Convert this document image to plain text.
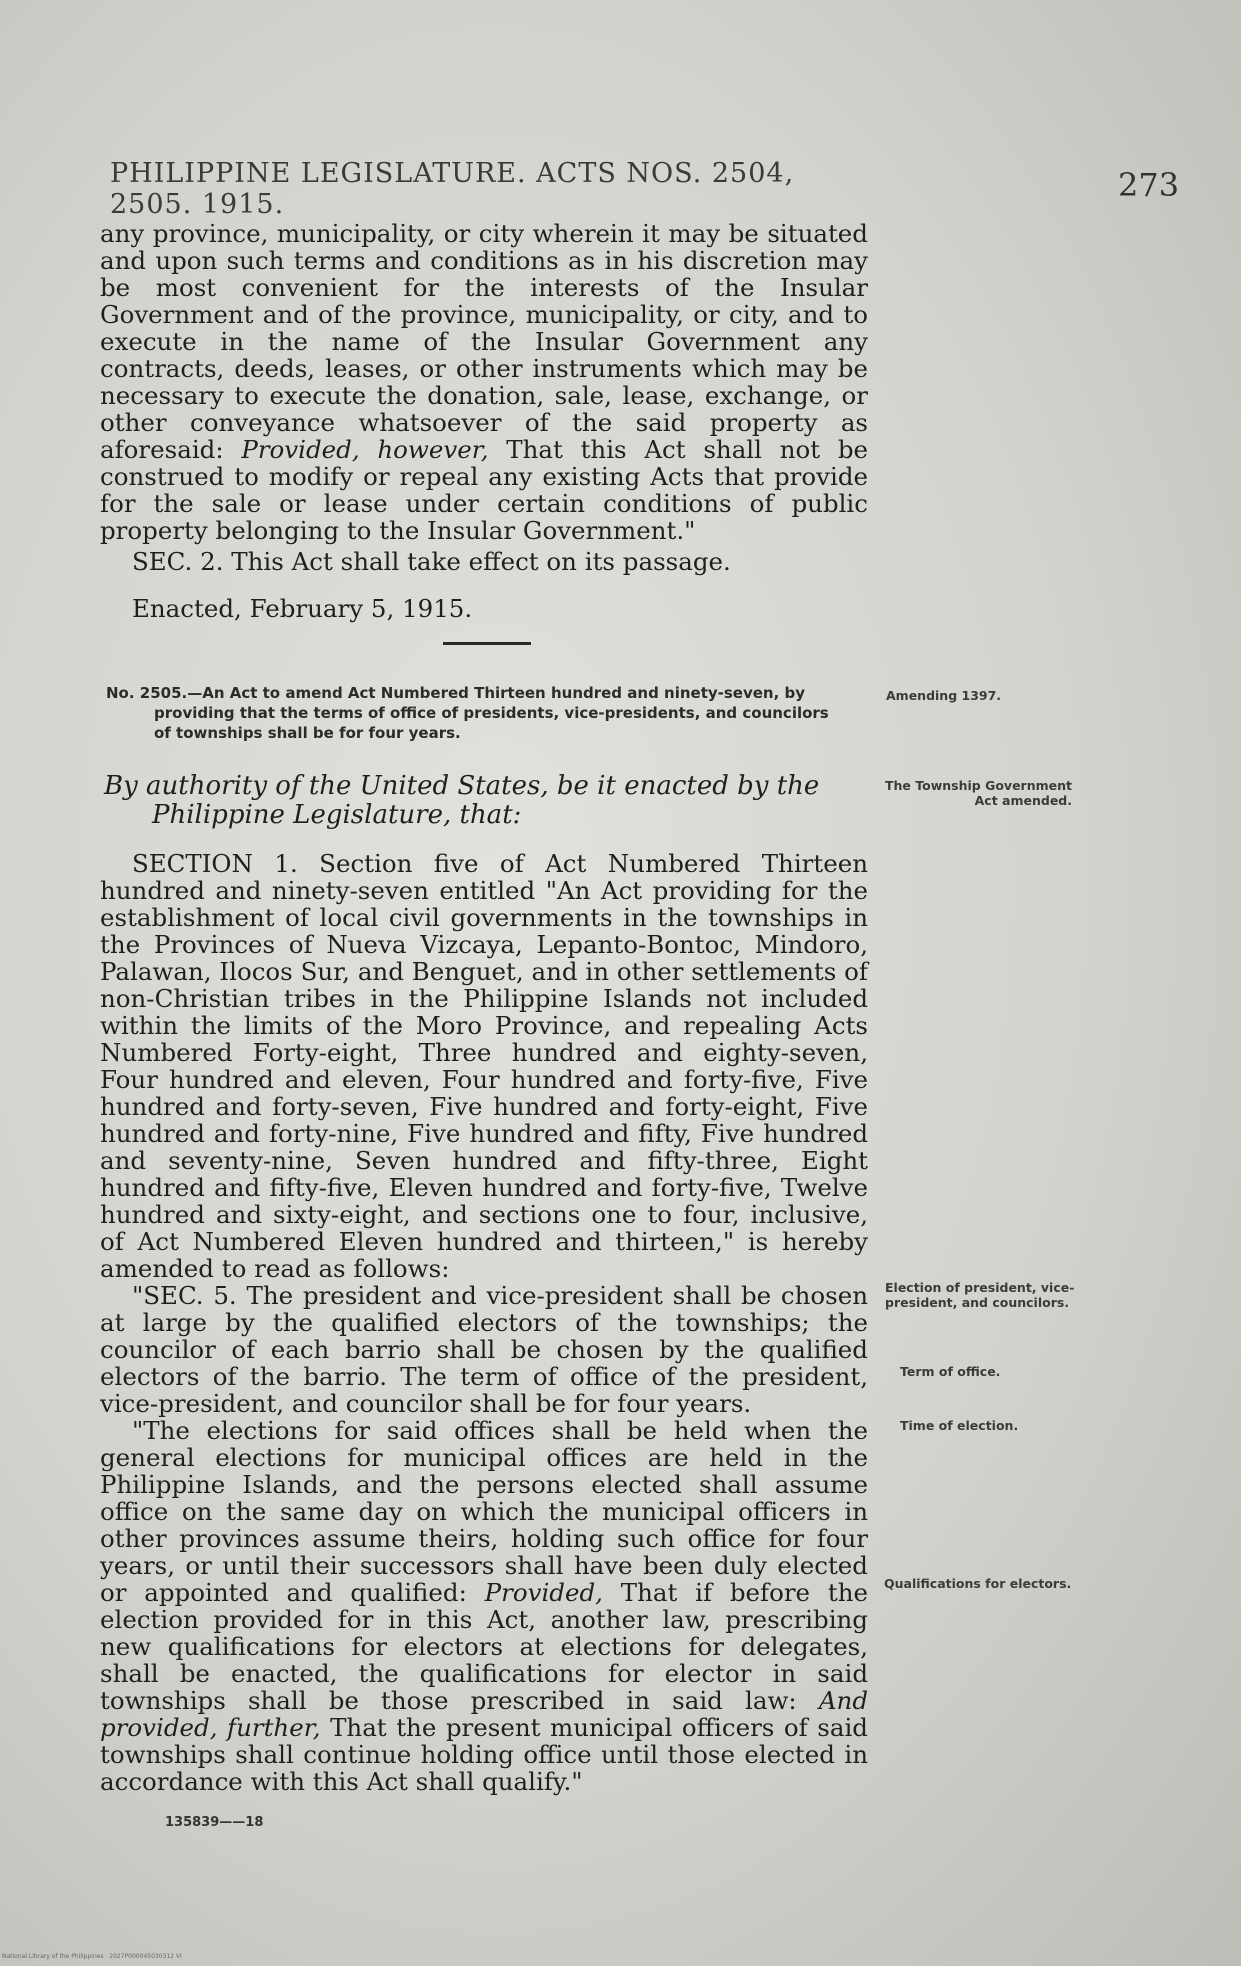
PHILIPPINE LEGISLATURE. ACTS NOS. 2504, 2505. 1915.
273

any province, municipality, or city wherein it may be situated and upon such terms and conditions as in his discretion may be most convenient for the interests of the Insular Government and of the province, municipality, or city, and to execute in the name of the Insular Government any contracts, deeds, leases, or other instruments which may be necessary to execute the donation, sale, lease, exchange, or other conveyance whatsoever of the said property as aforesaid: Provided, however, That this Act shall not be construed to modify or repeal any existing Acts that provide for the sale or lease under certain conditions of public property belonging to the Insular Government."

SEC. 2. This Act shall take effect on its passage.

Enacted, February 5, 1915.

No. 2505.—An Act to amend Act Numbered Thirteen hundred and ninety-seven, by providing that the terms of office of presidents, vice-presidents, and councilors of townships shall be for four years.
By authority of the United States, be it enacted by the
Philippine Legislature, that:

SECTION 1. Section five of Act Numbered Thirteen hundred and ninety-seven entitled "An Act providing for the establishment of local civil governments in the townships in the Provinces of Nueva Vizcaya, Lepanto-Bontoc, Mindoro, Palawan, Ilocos Sur, and Benguet, and in other settlements of non-Christian tribes in the Philippine Islands not included within the limits of the Moro Province, and repealing Acts Numbered Forty-eight, Three hundred and eighty-seven, Four hundred and eleven, Four hundred and forty-five, Five hundred and forty-seven, Five hundred and forty-eight, Five hundred and forty-nine, Five hundred and fifty, Five hundred and seventy-nine, Seven hundred and fifty-three, Eight hundred and fifty-five, Eleven hundred and forty-five, Twelve hundred and sixty-eight, and sections one to four, inclusive, of Act Numbered Eleven hundred and thirteen," is hereby amended to read as follows:

"SEC. 5. The president and vice-president shall be chosen at large by the qualified electors of the townships; the councilor of each barrio shall be chosen by the qualified electors of the barrio. The term of office of the president, vice-president, and councilor shall be for four years.

"The elections for said offices shall be held when the general elections for municipal offices are held in the Philippine Islands, and the persons elected shall assume office on the same day on which the municipal officers in other provinces assume theirs, holding such office for four years, or until their successors shall have been duly elected or appointed and qualified: Provided, That if before the election provided for in this Act, another law, prescribing new qualifications for electors at elections for delegates, shall be enacted, the qualifications for elector in said townships shall be those prescribed in said law: And provided, further, That the present municipal officers of said townships shall continue holding office until those elected in accordance with this Act shall qualify."

Amending 1397.
The Township Government Act amended.
Election of president, vice-president, and councilors.
Term of office.
Time of election.
Qualifications for electors.
135839——18
National Library of the Philippines · 2027P000045030312 VI
